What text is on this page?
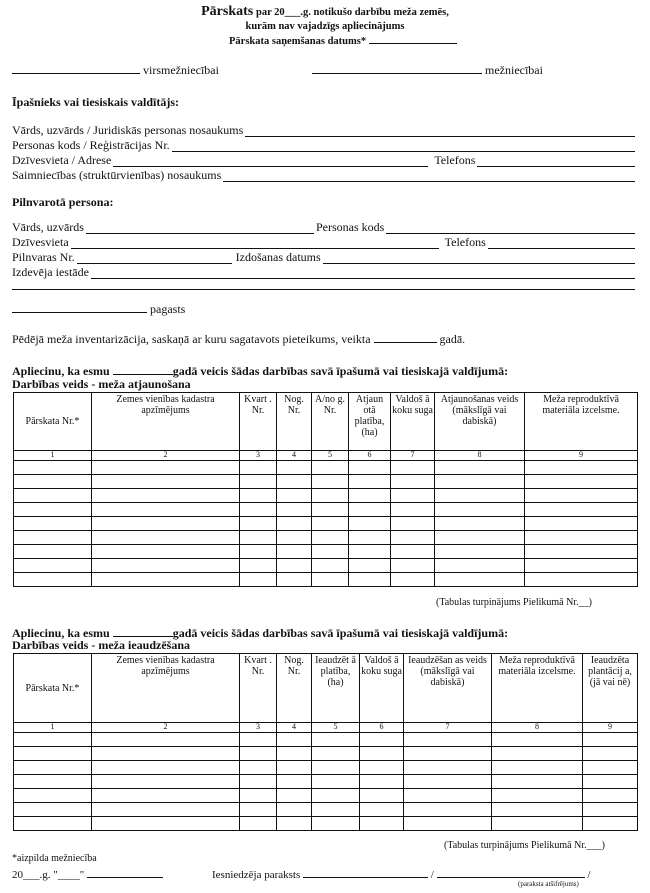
Pārskats par 20___.g. notikušo darbību meža zemēs,
kurām nav vajadzīgs apliecinājums
Pārskata saņemšanas datums*
virsmežniecībai	mežniecībai
Īpašnieks vai tiesiskais valdītājs:
Vārds, uzvārds / Juridiskās personas nosaukums
Personas kods / Reģistrācijas Nr.
Dzīvesvieta / Adrese	Telefons
Saimniecības (struktūrvienības) nosaukums
Pilnvarotā persona:
Vārds, uzvārds	Personas kods
Dzīvesvieta	Telefons
Pilnvaras Nr.	Izdošanas datums
Izdevēja iestāde
pagasts
Pēdējā meža inventarizācija, saskaņā ar kuru sagatavots pieteikums, veikta	gadā.
Apliecinu, ka esmu	gadā veicis šādas darbības savā īpašumā vai tiesiskajā valdījumā:
Darbības veids - meža atjaunošana
Pārskata Nr.*	Zemes vienības kadastra apzīmējums	Kvart . Nr.	Nog. Nr.	A/no g. Nr.	Atjaun otā platība, (ha)	Valdoš ā koku suga	Atjaunošanas veids (mākslīgā vai dabiskā)	Meža reproduktīvā materiāla izcelsme.
1	2	3	4	5	6	7	8	9

(Tabulas turpinājums Pielikumā Nr.__)
Apliecinu, ka esmu	gadā veicis šādas darbības savā īpašumā vai tiesiskajā valdījumā:
Darbības veids - meža ieaudzēšana
Pārskata Nr.*	Zemes vienības kadastra apzīmējums	Kvart . Nr.	Nog. Nr.	Ieaudzēt ā platība, (ha)	Valdoš ā koku suga	Ieaudzēšan as veids (mākslīgā vai dabiskā)	Meža reproduktīvā materiāla izcelsme.	Ieaudzēta plantācij a, (jā vai nē)
1	2	3	4	5	6	7	8	9

(Tabulas turpinājums Pielikumā Nr.___)
*aizpilda mežniecība
20___.g. "____"	Iesniedzēja paraksts	/	/
(paraksta atšifrējums)
